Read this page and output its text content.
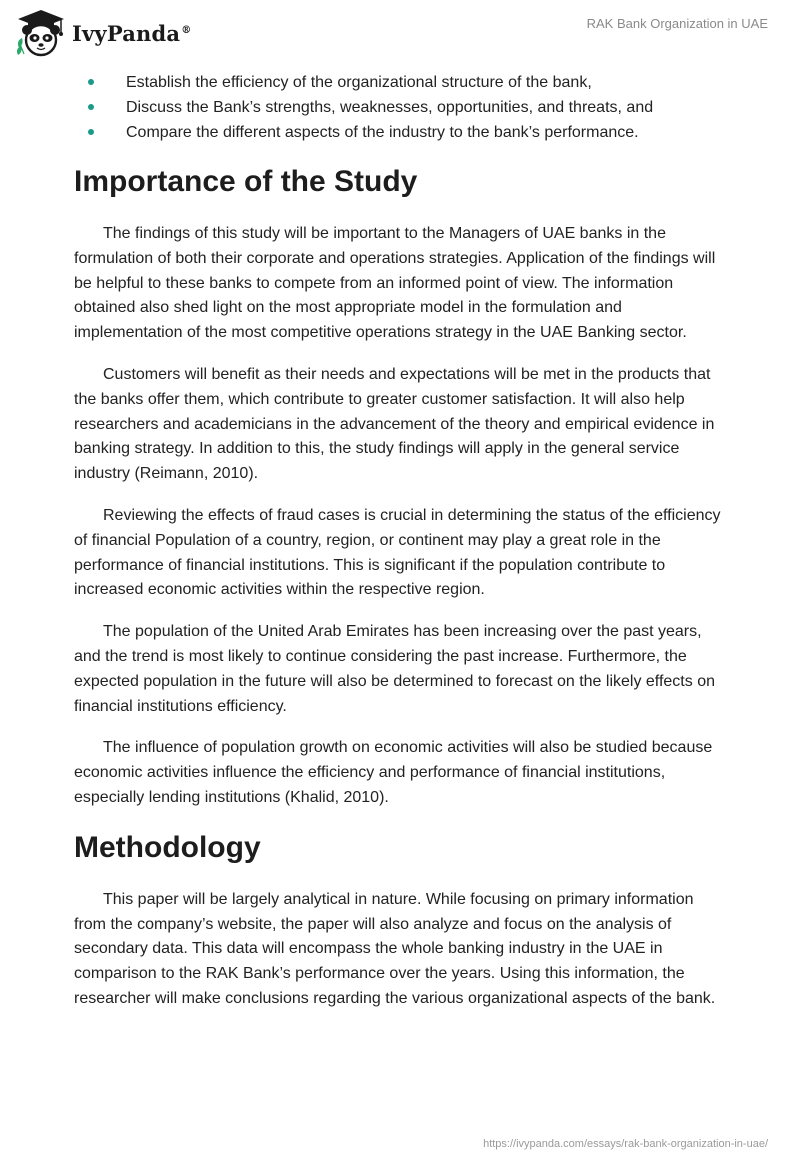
IvyPanda®	RAK Bank Organization in UAE
Establish the efficiency of the organizational structure of the bank,
Discuss the Bank’s strengths, weaknesses, opportunities, and threats, and
Compare the different aspects of the industry to the bank’s performance.
Importance of the Study

The findings of this study will be important to the Managers of UAE banks in the formulation of both their corporate and operations strategies. Application of the findings will be helpful to these banks to compete from an informed point of view. The information obtained also shed light on the most appropriate model in the formulation and implementation of the most competitive operations strategy in the UAE Banking sector.

Customers will benefit as their needs and expectations will be met in the products that the banks offer them, which contribute to greater customer satisfaction. It will also help researchers and academicians in the advancement of the theory and empirical evidence in banking strategy. In addition to this, the study findings will apply in the general service industry (Reimann, 2010).

Reviewing the effects of fraud cases is crucial in determining the status of the efficiency of financial Population of a country, region, or continent may play a great role in the performance of financial institutions. This is significant if the population contribute to increased economic activities within the respective region.

The population of the United Arab Emirates has been increasing over the past years, and the trend is most likely to continue considering the past increase. Furthermore, the expected population in the future will also be determined to forecast on the likely effects on financial institutions efficiency.

The influence of population growth on economic activities will also be studied because economic activities influence the efficiency and performance of financial institutions, especially lending institutions (Khalid, 2010).

Methodology

This paper will be largely analytical in nature. While focusing on primary information from the company’s website, the paper will also analyze and focus on the analysis of secondary data. This data will encompass the whole banking industry in the UAE in comparison to the RAK Bank’s performance over the years. Using this information, the researcher will make conclusions regarding the various organizational aspects of the bank.

https://ivypanda.com/essays/rak-bank-organization-in-uae/
